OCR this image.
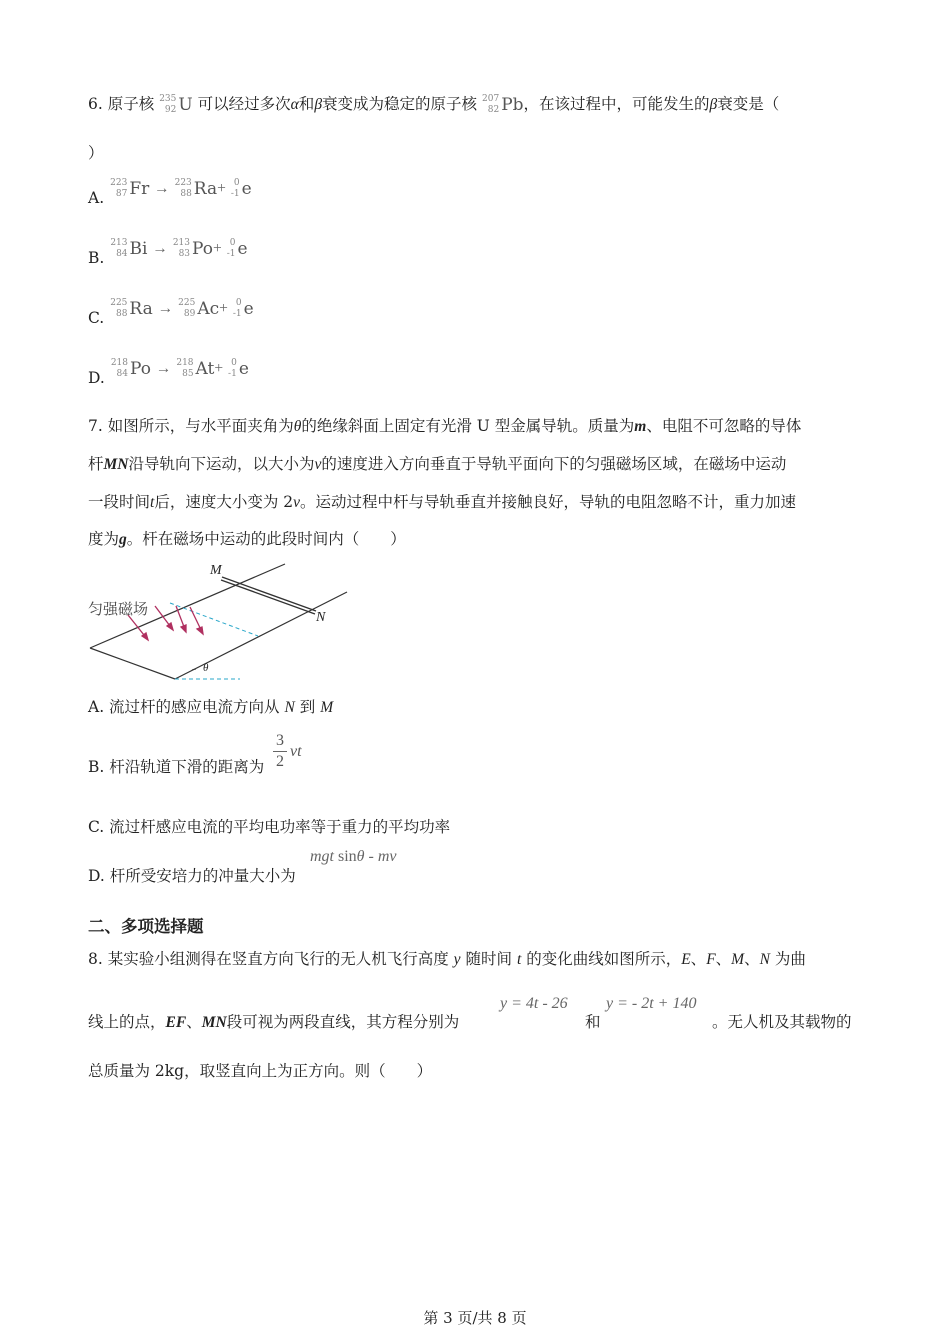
6. 原子核 235
92 U 可以经过多次α和β衰变成为稳定的原子核 207
82 Pb，在该过程中，可能发生的β衰变是（
）
A.
223
87 Fr → 223
88 Ra+ 0
-1 e
B.
213
84 Bi → 213
83 Po+ 0
-1 e
C.
225
88 Ra → 225
89 Ac+ 0
-1 e
D.
218
84 Po → 218
85 At+ 0
-1 e
7. 如图所示，与水平面夹角为θ的绝缘斜面上固定有光滑 U 型金属导轨。质量为m、电阻不可忽略的导体
杆MN沿导轨向下运动，以大小为v的速度进入方向垂直于导轨平面向下的匀强磁场区域，在磁场中运动
一段时间t后，速度大小变为 2v。运动过程中杆与导轨垂直并接触良好，导轨的电阻忽略不计，重力加速
度为g。杆在磁场中运动的此段时间内（　　）
M
N
匀强磁场
θ
A. 流过杆的感应电流方向从 N 到 M
B. 杆沿轨道下滑的距离为
3
2
vt
C. 流过杆感应电流的平均电功率等于重力的平均功率
D. 杆所受安培力的冲量大小为
mgt sinθ - mv
二、多项选择题
8. 某实验小组测得在竖直方向飞行的无人机飞行高度 y 随时间 t 的变化曲线如图所示，E、F、M、N 为曲
线上的点，EF、MN段可视为两段直线，其方程分别为
y = 4t - 26
和
y = - 2t + 140
。无人机及其载物的
总质量为 2kg，取竖直向上为正方向。则（　　）
第 3 页/共 8 页
